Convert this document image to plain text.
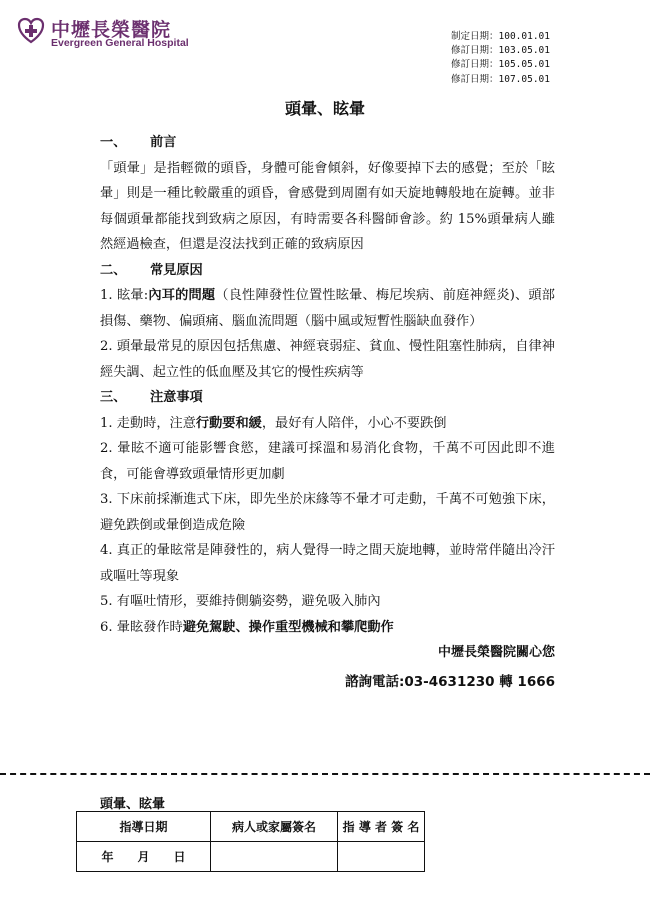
中壢長榮醫院
Evergreen General Hospital
制定日期：100.01.01
修訂日期：103.05.01
修訂日期：105.05.01
修訂日期：107.05.01
頭暈、眩暈
一、	前言

「頭暈」是指輕微的頭昏，身體可能會傾斜，好像要掉下去的感覺；至於「眩暈」則是一種比較嚴重的頭昏，會感覺到周圍有如天旋地轉般地在旋轉。並非每個頭暈都能找到致病之原因，有時需要各科醫師會診。約 15%頭暈病人雖然經過檢查，但還是沒法找到正確的致病原因

二、	常見原因

1. 眩暈:內耳的問題（良性陣發性位置性眩暈、梅尼埃病、前庭神經炎)、頭部損傷、藥物、偏頭痛、腦血流問題（腦中風或短暫性腦缺血發作）

2. 頭暈最常見的原因包括焦慮、神經衰弱症、貧血、慢性阻塞性肺病，自律神經失調、起立性的低血壓及其它的慢性疾病等

三、	注意事項

1. 走動時，注意行動要和緩，最好有人陪伴，小心不要跌倒

2. 暈眩不適可能影響食慾，建議可採溫和易消化食物，千萬不可因此即不進食，可能會導致頭暈情形更加劇

3. 下床前採漸進式下床，即先坐於床緣等不暈才可走動，千萬不可勉強下床，避免跌倒或暈倒造成危險

4. 真正的暈眩常是陣發性的，病人覺得一時之間天旋地轉，並時常伴隨出冷汗或嘔吐等現象

5. 有嘔吐情形，要維持側躺姿勢，避免吸入肺內

6. 暈眩發作時避免駕駛、操作重型機械和攀爬動作

中壢長榮醫院關心您
諮詢電話:03-4631230 轉 1666
頭暈、眩暈
指導日期	病人或家屬簽名	指 導 者 簽 名
年　　月　　日		
